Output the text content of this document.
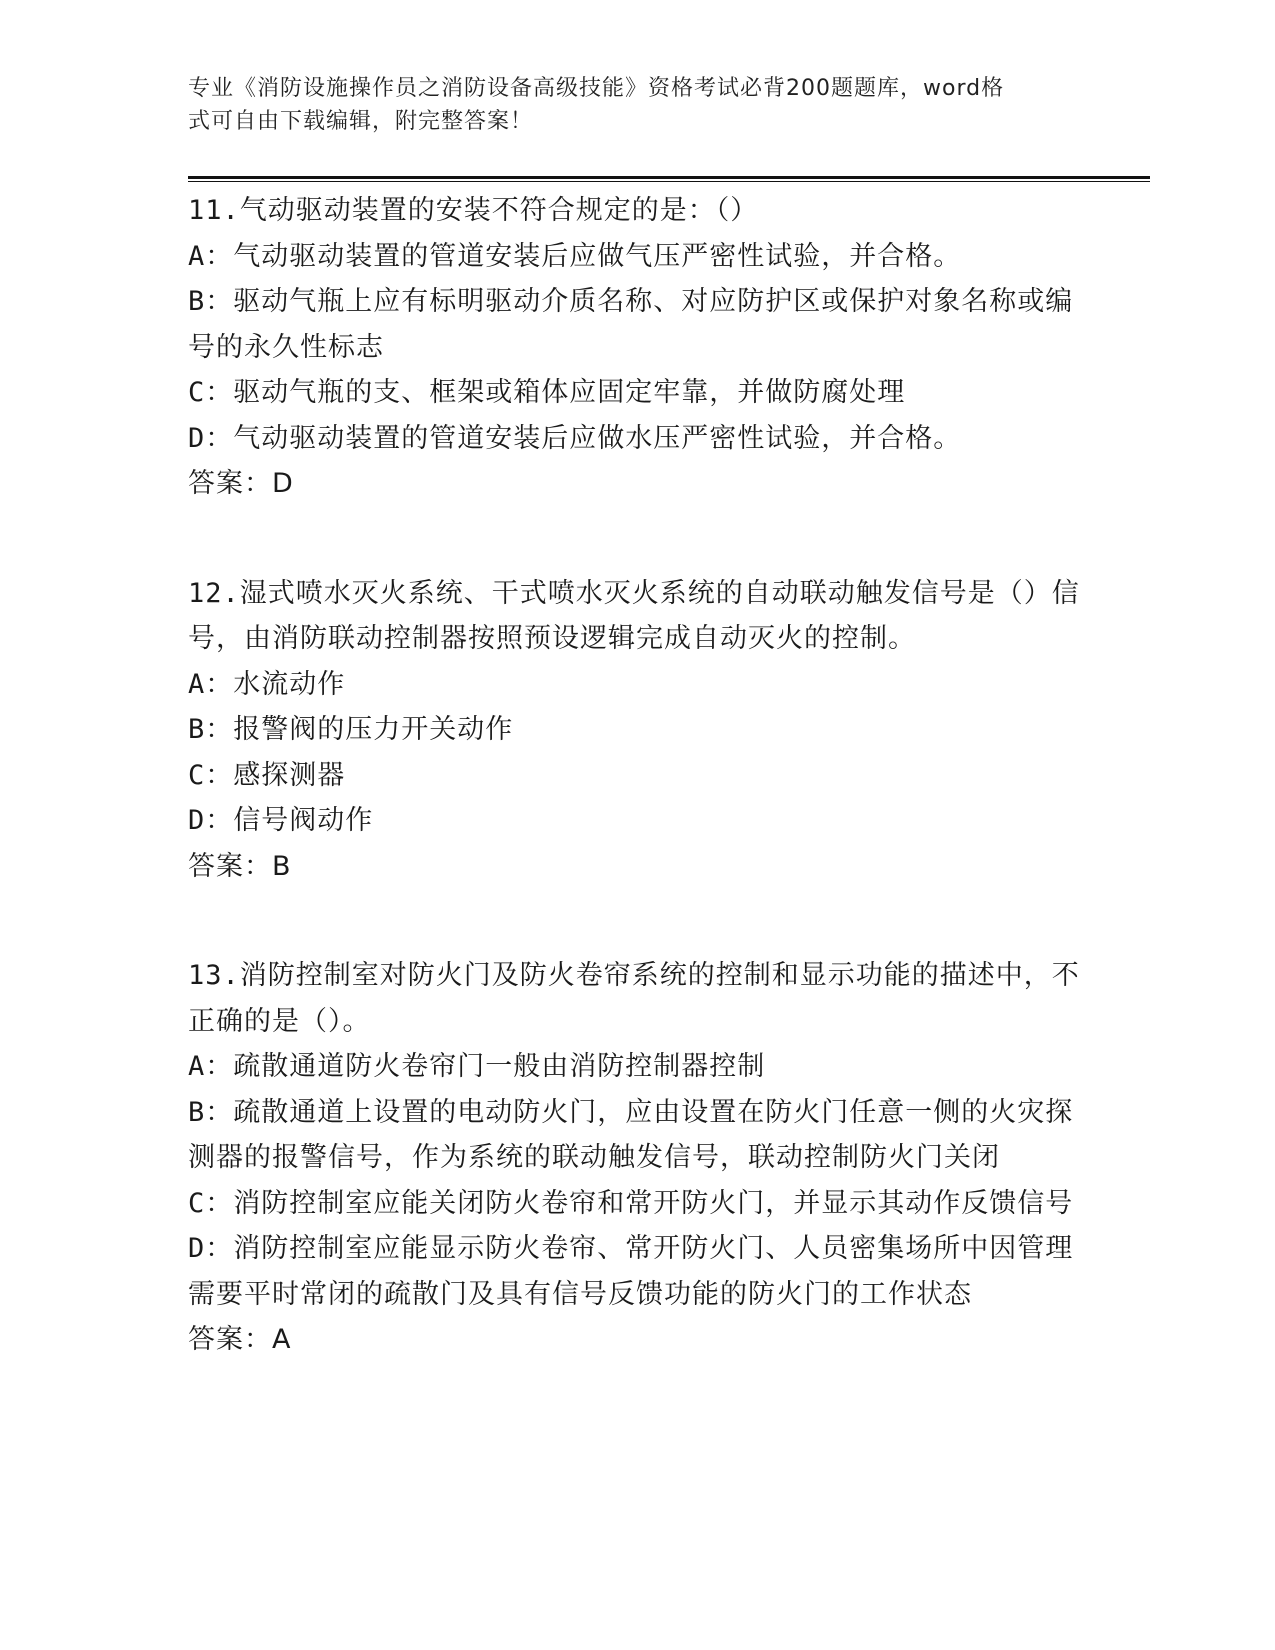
专业《消防设施操作员之消防设备高级技能》资格考试必背200题题库，word格
式可自由下载编辑，附完整答案！

11.气动驱动装置的安装不符合规定的是：（）

A：气动驱动装置的管道安装后应做气压严密性试验，并合格。

B：驱动气瓶上应有标明驱动介质名称、对应防护区或保护对象名称或编号的永久性标志

C：驱动气瓶的支、框架或箱体应固定牢靠，并做防腐处理

D：气动驱动装置的管道安装后应做水压严密性试验，并合格。

答案：D

12.湿式喷水灭火系统、干式喷水灭火系统的自动联动触发信号是（）信号，由消防联动控制器按照预设逻辑完成自动灭火的控制。

A：水流动作

B：报警阀的压力开关动作

C：感探测器

D：信号阀动作

答案：B

13.消防控制室对防火门及防火卷帘系统的控制和显示功能的描述中，不正确的是（）。

A：疏散通道防火卷帘门一般由消防控制器控制

B：疏散通道上设置的电动防火门，应由设置在防火门任意一侧的火灾探测器的报警信号，作为系统的联动触发信号，联动控制防火门关闭

C：消防控制室应能关闭防火卷帘和常开防火门，并显示其动作反馈信号

D：消防控制室应能显示防火卷帘、常开防火门、人员密集场所中因管理需要平时常闭的疏散门及具有信号反馈功能的防火门的工作状态

答案：A
